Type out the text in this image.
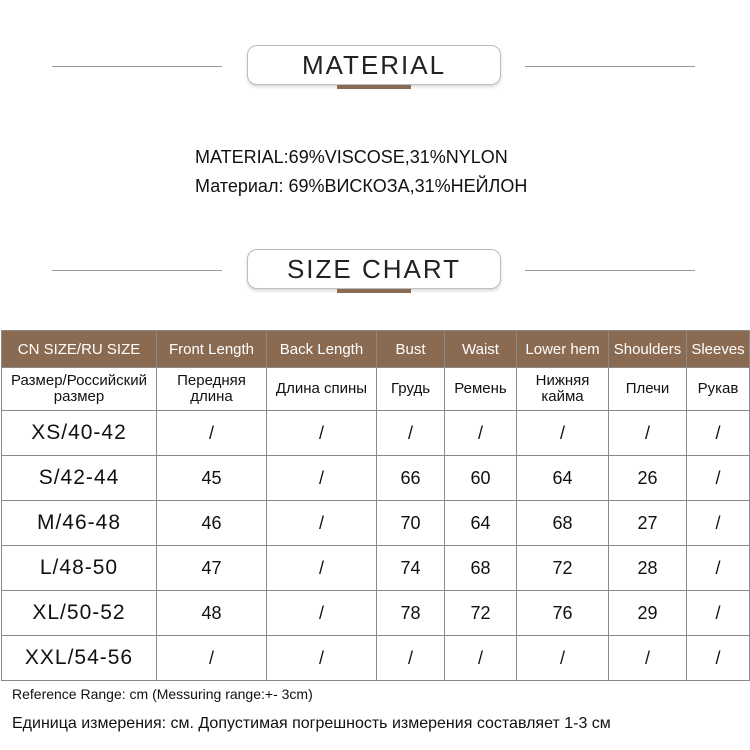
MATERIAL
MATERIAL:69%VISCOSE,31%NYLON
Материал: 69%ВИСКОЗА,31%НЕЙЛОН
SIZE CHART
CN SIZE/RU SIZE	Front Length	Back Length	Bust	Waist	Lower hem	Shoulders	Sleeves
Размер/Российский размер	Передняя длина	Длина спины	Грудь	Ремень	Нижняя кайма	Плечи	Рукав
XS/40-42	/	/	/	/	/	/	/
S/42-44	45	/	66	60	64	26	/
M/46-48	46	/	70	64	68	27	/
L/48-50	47	/	74	68	72	28	/
XL/50-52	48	/	78	72	76	29	/
XXL/54-56	/	/	/	/	/	/	/
Reference Range: cm (Messuring range:+- 3cm)
Единица измерения: см. Допустимая погрешность измерения составляет 1-3 см
